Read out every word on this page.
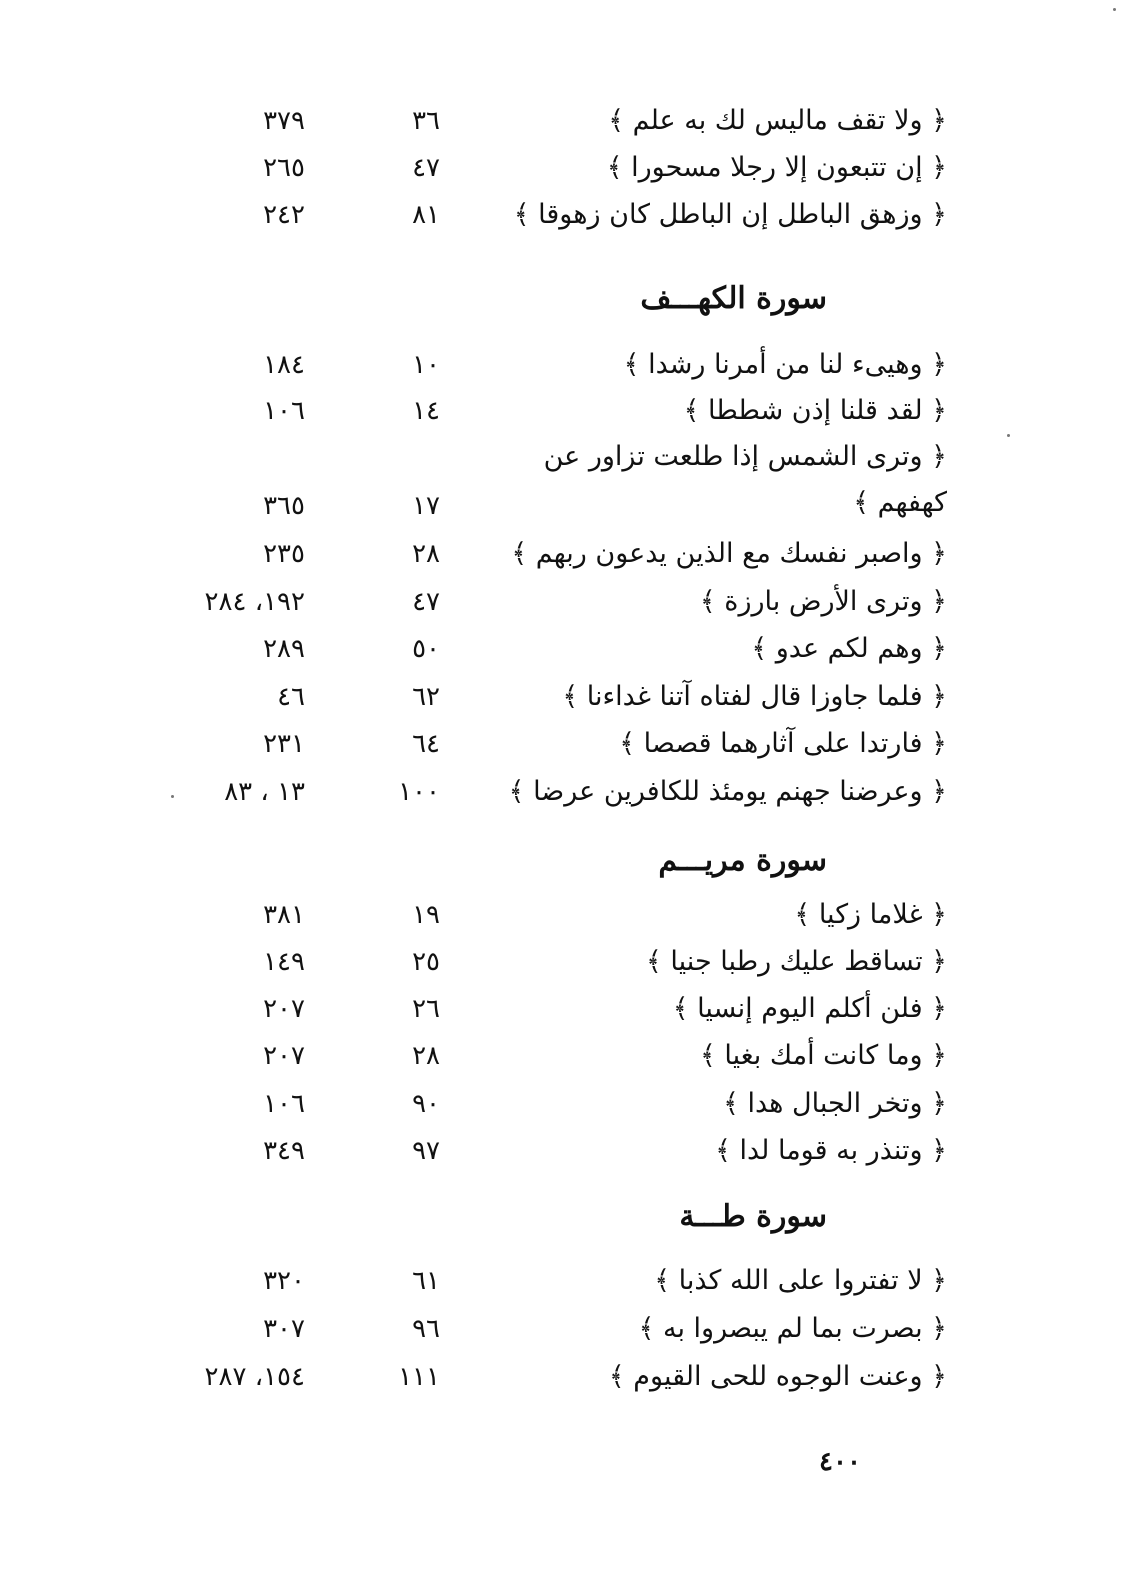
﴿ ولا تقف ماليس لك به علم ﴾
٣٦
٣٧٩
﴿ إن تتبعون إلا رجلا مسحورا ﴾
٤٧
٢٦٥
﴿ وزهق الباطل إن الباطل كان زهوقا ﴾
٨١
٢٤٢
سورة الكهـــف
﴿ وهيىء لنا من أمرنا رشدا ﴾
١٠
١٨٤
﴿ لقد قلنا إذن شططا ﴾
١٤
١٠٦
﴿ وترى الشمس إذا طلعت تزاور عن كهفهم ﴾
١٧
٣٦٥
﴿ واصبر نفسك مع الذين يدعون ربهم ﴾
٢٨
٢٣٥
﴿ وترى الأرض بارزة ﴾
٤٧
١٩٢، ٢٨٤
﴿ وهم لكم عدو ﴾
٥٠
٢٨٩
﴿ فلما جاوزا قال لفتاه آتنا غداءنا ﴾
٦٢
٤٦
﴿ فارتدا على آثارهما قصصا ﴾
٦٤
٢٣١
﴿ وعرضنا جهنم يومئذ للكافرين عرضا ﴾
١٠٠
١٣ ، ٨٣
سورة مريـــم
﴿ غلاما زكيا ﴾
١٩
٣٨١
﴿ تساقط عليك رطبا جنيا ﴾
٢٥
١٤٩
﴿ فلن أكلم اليوم إنسيا ﴾
٢٦
٢٠٧
﴿ وما كانت أمك بغيا ﴾
٢٨
٢٠٧
﴿ وتخر الجبال هدا ﴾
٩٠
١٠٦
﴿ وتنذر به قوما لدا ﴾
٩٧
٣٤٩
سورة طـــة
﴿ لا تفتروا على الله كذبا ﴾
٦١
٣٢٠
﴿ بصرت بما لم يبصروا به ﴾
٩٦
٣٠٧
﴿ وعنت الوجوه للحى القيوم ﴾
١١١
١٥٤، ٢٨٧
٤٠٠
